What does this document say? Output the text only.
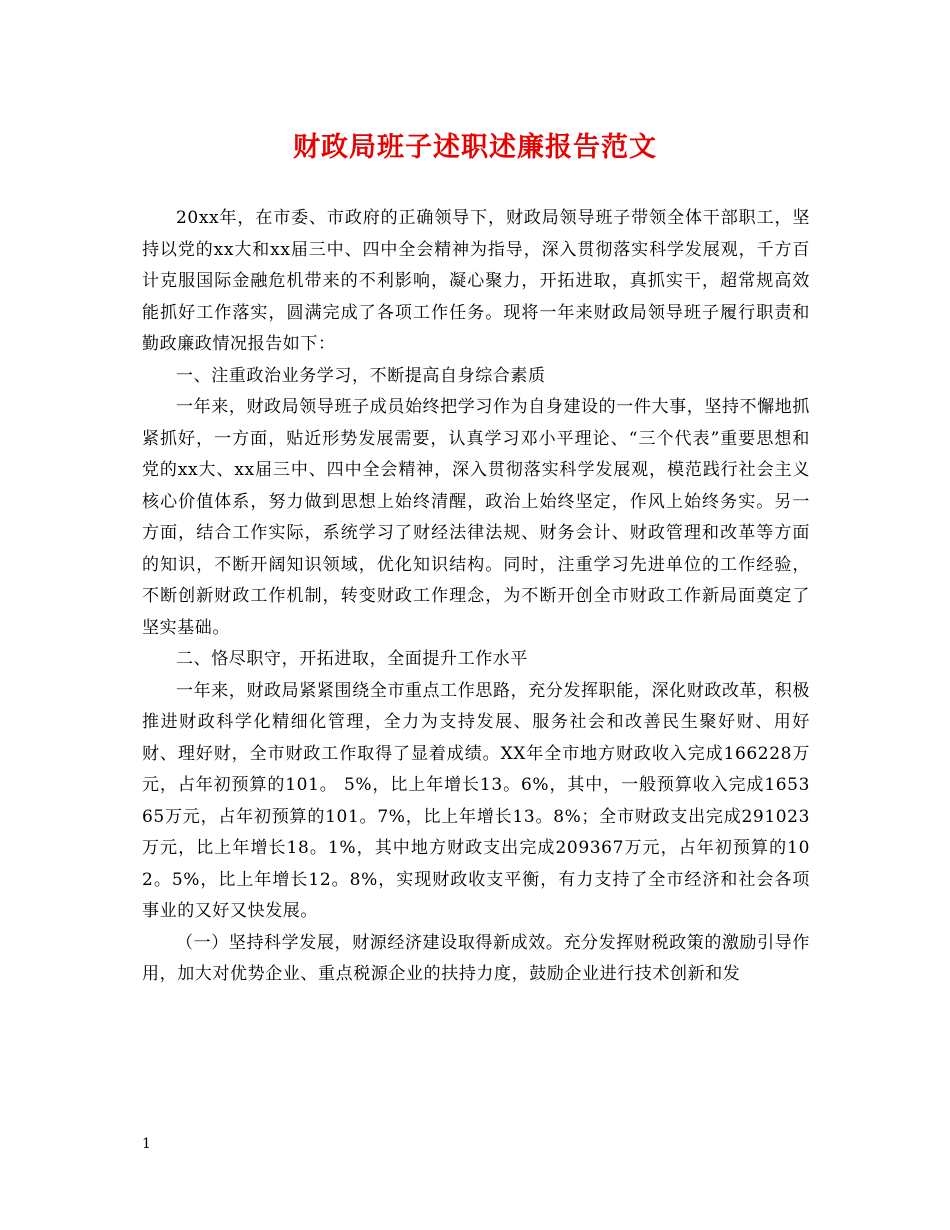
财政局班子述职述廉报告范文

20xx年，在市委、市政府的正确领导下，财政局领导班子带领全体干部职工，坚持以党的xx大和xx届三中、四中全会精神为指导，深入贯彻落实科学发展观，千方百计克服国际金融危机带来的不利影响，凝心聚力，开拓进取，真抓实干，超常规高效能抓好工作落实，圆满完成了各项工作任务。现将一年来财政局领导班子履行职责和勤政廉政情况报告如下：

一、注重政治业务学习，不断提高自身综合素质

一年来，财政局领导班子成员始终把学习作为自身建设的一件大事，坚持不懈地抓紧抓好，一方面，贴近形势发展需要，认真学习邓小平理论、“三个代表”重要思想和党的xx大、xx届三中、四中全会精神，深入贯彻落实科学发展观，模范践行社会主义核心价值体系，努力做到思想上始终清醒，政治上始终坚定，作风上始终务实。另一方面，结合工作实际，系统学习了财经法律法规、财务会计、财政管理和改革等方面的知识，不断开阔知识领域，优化知识结构。同时，注重学习先进单位的工作经验，不断创新财政工作机制，转变财政工作理念，为不断开创全市财政工作新局面奠定了坚实基础。

二、恪尽职守，开拓进取，全面提升工作水平

一年来，财政局紧紧围绕全市重点工作思路，充分发挥职能，深化财政改革，积极推进财政科学化精细化管理，全力为支持发展、服务社会和改善民生聚好财、用好财、理好财，全市财政工作取得了显着成绩。XX年全市地方财政收入完成166228万元，占年初预算的101。 5%，比上年增长13。6%，其中，一般预算收入完成165365万元，占年初预算的101。7%，比上年增长13。8%；全市财政支出完成291023万元，比上年增长18。1%，其中地方财政支出完成209367万元，占年初预算的102。5%，比上年增长12。8%，实现财政收支平衡，有力支持了全市经济和社会各项事业的又好又快发展。

（一）坚持科学发展，财源经济建设取得新成效。充分发挥财税政策的激励引导作用，加大对优势企业、重点税源企业的扶持力度，鼓励企业进行技术创新和发

1
